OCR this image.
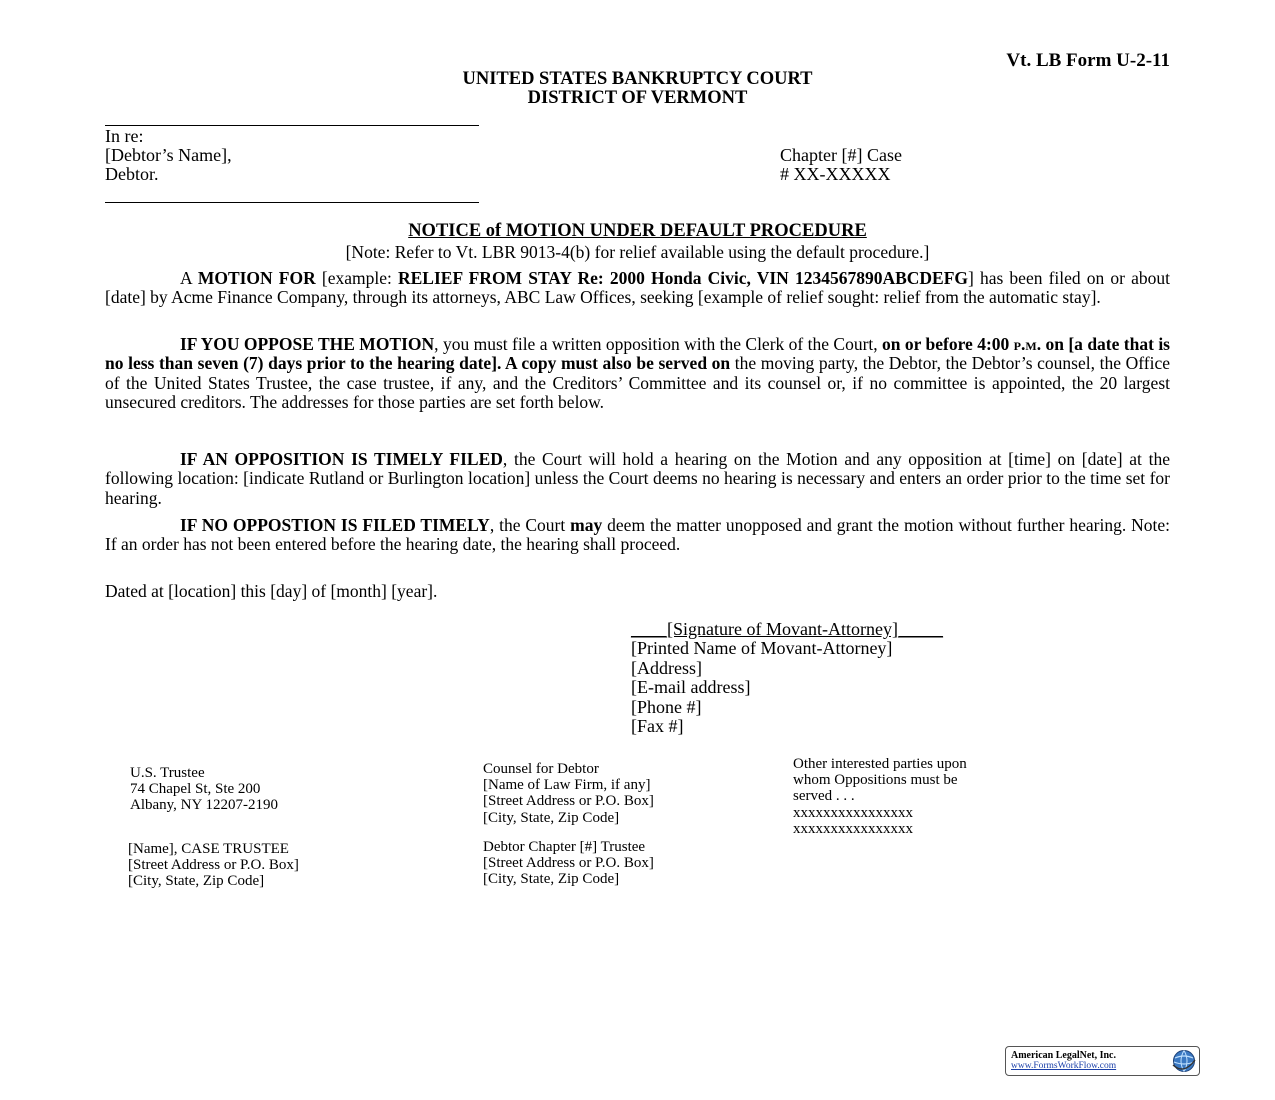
Vt. LB Form U-2-11
UNITED STATES BANKRUPTCY COURT
DISTRICT OF VERMONT
In re:
[Debtor’s Name],
Debtor.
Chapter [#] Case
# XX-XXXXX
NOTICE of MOTION UNDER DEFAULT PROCEDURE
[Note: Refer to Vt. LBR 9013-4(b) for relief available using the default procedure.]

A MOTION FOR [example: RELIEF FROM STAY Re: 2000 Honda Civic, VIN 1234567890ABCDEFG] has been filed on or about [date] by Acme Finance Company, through its attorneys, ABC Law Offices, seeking [example of relief sought: relief from the automatic stay].

IF YOU OPPOSE THE MOTION, you must file a written opposition with the Clerk of the Court, on or before 4:00 p.m. on [a date that is no less than seven (7) days prior to the hearing date]. A copy must also be served on the moving party, the Debtor, the Debtor’s counsel, the Office of the United States Trustee, the case trustee, if any, and the Creditors’ Committee and its counsel or, if no committee is appointed, the 20 largest unsecured creditors. The addresses for those parties are set forth below.

IF AN OPPOSITION IS TIMELY FILED, the Court will hold a hearing on the Motion and any opposition at [time] on [date] at the following location: [indicate Rutland or Burlington location] unless the Court deems no hearing is necessary and enters an order prior to the time set for hearing.

IF NO OPPOSTION IS FILED TIMELY, the Court may deem the matter unopposed and grant the motion without further hearing. Note: If an order has not been entered before the hearing date, the hearing shall proceed.

Dated at [location] this [day] of [month] [year].

____[Signature of Movant-Attorney]_____
[Printed Name of Movant-Attorney]
[Address]
[E-mail address]
[Phone #]
[Fax #]
U.S. Trustee
74 Chapel St, Ste 200
Albany, NY 12207-2190
Counsel for Debtor
[Name of Law Firm, if any]
[Street Address or P.O. Box]
[City, State, Zip Code]
Other interested parties upon
whom Oppositions must be
served . . .
xxxxxxxxxxxxxxxx
xxxxxxxxxxxxxxxx
[Name], CASE TRUSTEE
[Street Address or P.O. Box]
[City, State, Zip Code]
Debtor Chapter [#] Trustee
[Street Address or P.O. Box]
[City, State, Zip Code]
American LegalNet, Inc.
www.FormsWorkFlow.com
